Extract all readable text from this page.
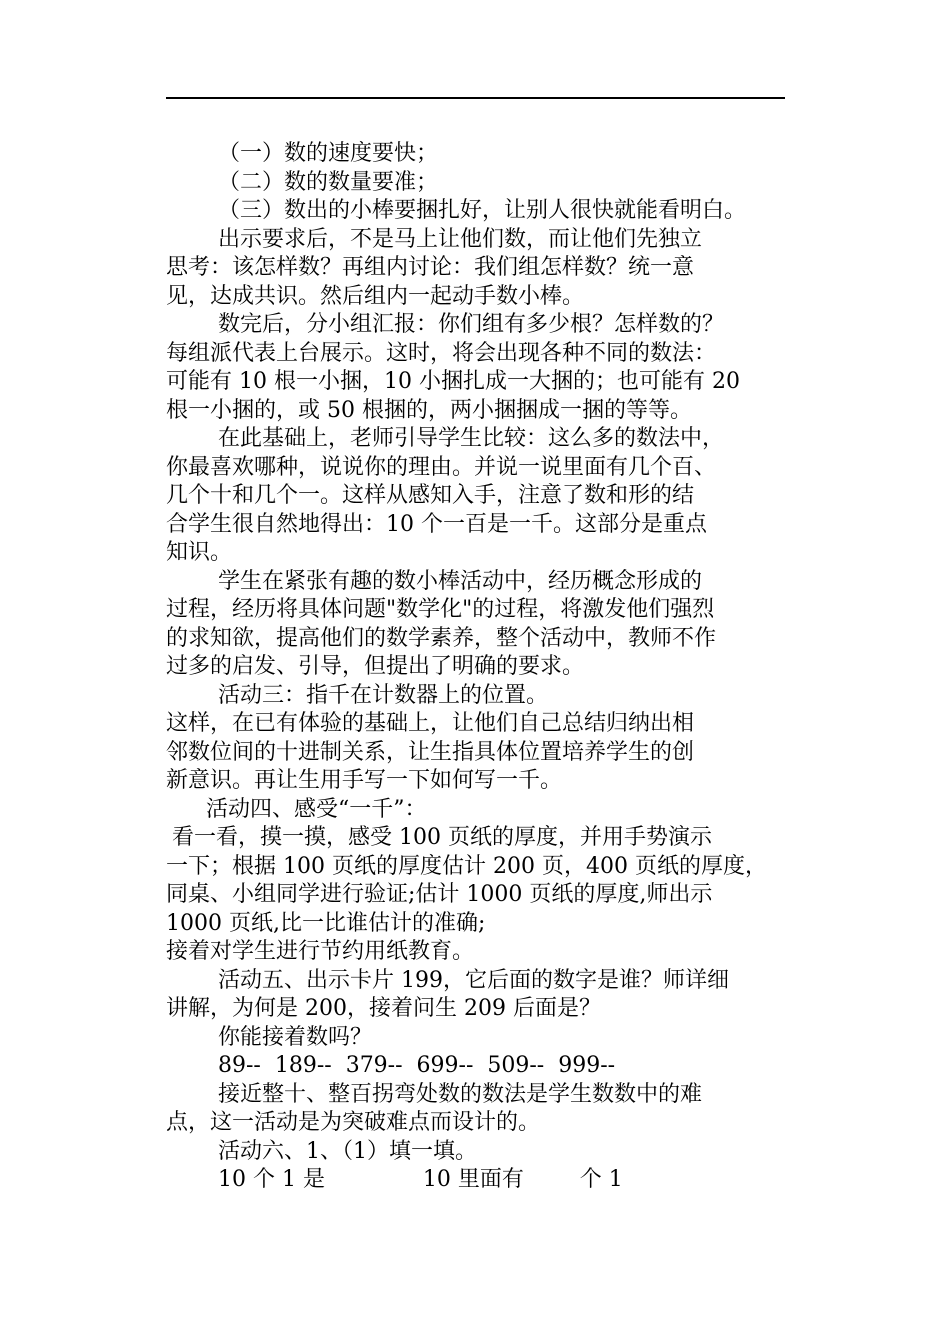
（一）数的速度要快；
（二）数的数量要准；
（三）数出的小棒要捆扎好，让别人很快就能看明白。
出示要求后，不是马上让他们数，而让他们先独立
思考：该怎样数？再组内讨论：我们组怎样数？统一意
见，达成共识。然后组内一起动手数小棒。
数完后，分小组汇报：你们组有多少根？怎样数的？
每组派代表上台展示。这时，将会出现各种不同的数法：
可能有 10 根一小捆，10 小捆扎成一大捆的；也可能有 20
根一小捆的，或 50 根捆的，两小捆捆成一捆的等等。
在此基础上，老师引导学生比较：这么多的数法中，
你最喜欢哪种，说说你的理由。并说一说里面有几个百、
几个十和几个一。这样从感知入手，注意了数和形的结
合学生很自然地得出：10 个一百是一千。这部分是重点
知识。
学生在紧张有趣的数小棒活动中，经历概念形成的
过程，经历将具体问题"数学化"的过程，将激发他们强烈
的求知欲，提高他们的数学素养，整个活动中，教师不作
过多的启发、引导，但提出了明确的要求。
活动三：指千在计数器上的位置。
这样，在已有体验的基础上，让他们自己总结归纳出相
邻数位间的十进制关系，让生指具体位置培养学生的创
新意识。再让生用手写一下如何写一千。
活动四、感受“一千”：
看一看，摸一摸，感受 100 页纸的厚度，并用手势演示
一下；根据 100 页纸的厚度估计 200 页，400 页纸的厚度，
同桌、小组同学进行验证;估计 1000 页纸的厚度,师出示
1000 页纸,比一比谁估计的准确;
接着对学生进行节约用纸教育。
活动五、出示卡片 199，它后面的数字是谁？师详细
讲解，为何是 200，接着问生 209 后面是？
你能接着数吗？
89--  189--  379--  699--  509--  999--
接近整十、整百拐弯处数的数法是学生数数中的难
点，这一活动是为突破难点而设计的。
活动六、1、（1）填一填。
10 个 1 是              10 里面有        个 1
